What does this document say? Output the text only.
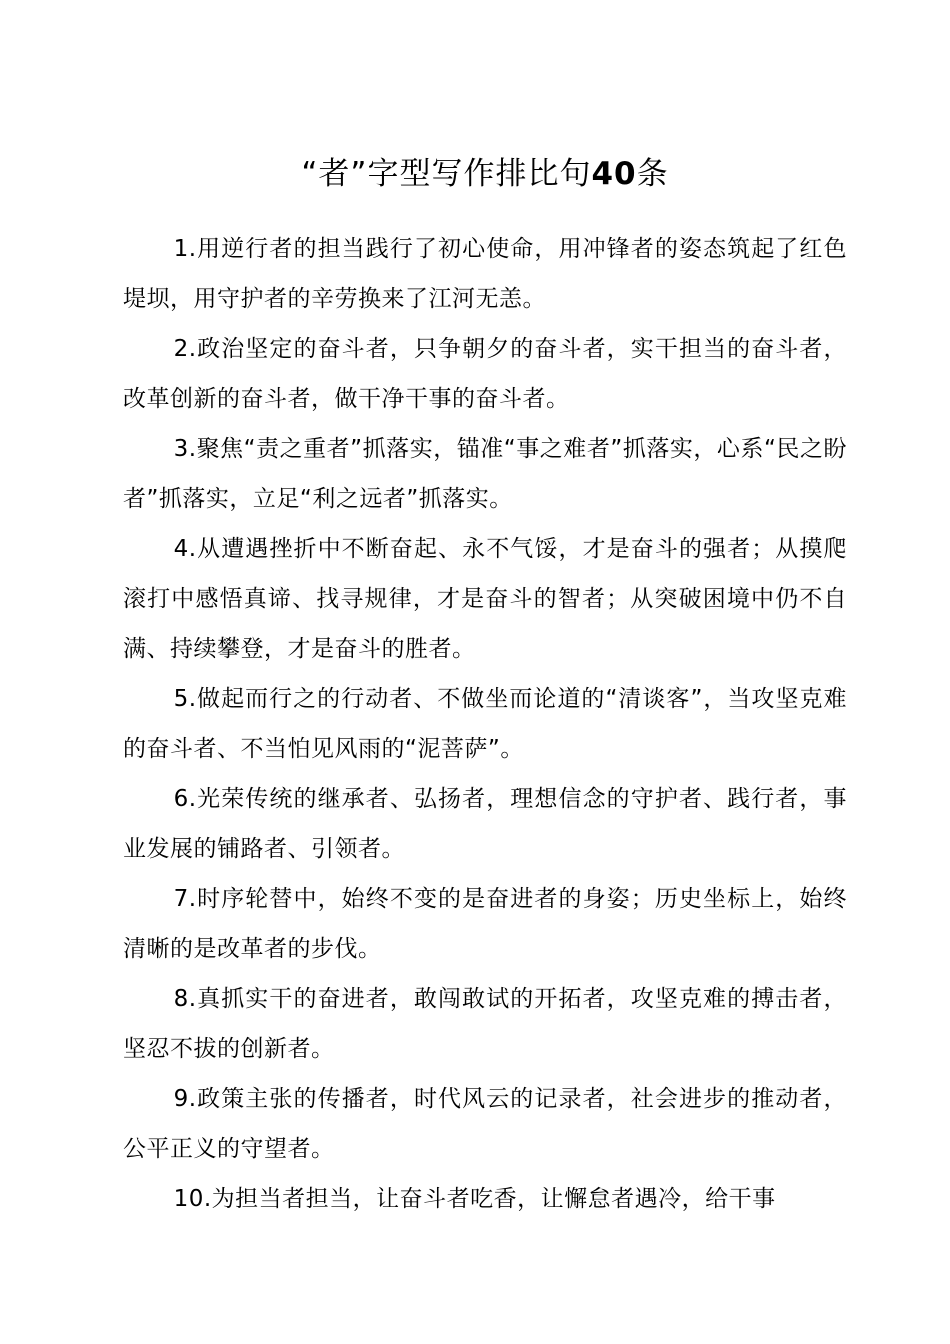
“者”字型写作排比句40条

1.用逆行者的担当践行了初心使命，用冲锋者的姿态筑起了红色堤坝，用守护者的辛劳换来了江河无恙。

2.政治坚定的奋斗者，只争朝夕的奋斗者，实干担当的奋斗者，改革创新的奋斗者，做干净干事的奋斗者。

3.聚焦“责之重者”抓落实，锚准“事之难者”抓落实，心系“民之盼者”抓落实，立足“利之远者”抓落实。

4.从遭遇挫折中不断奋起、永不气馁，才是奋斗的强者；从摸爬滚打中感悟真谛、找寻规律，才是奋斗的智者；从突破困境中仍不自满、持续攀登，才是奋斗的胜者。

5.做起而行之的行动者、不做坐而论道的“清谈客”，当攻坚克难的奋斗者、不当怕见风雨的“泥菩萨”。

6.光荣传统的继承者、弘扬者，理想信念的守护者、践行者，事业发展的铺路者、引领者。

7.时序轮替中，始终不变的是奋进者的身姿；历史坐标上，始终清晰的是改革者的步伐。

8.真抓实干的奋进者，敢闯敢试的开拓者，攻坚克难的搏击者，坚忍不拔的创新者。

9.政策主张的传播者，时代风云的记录者，社会进步的推动者，公平正义的守望者。

10.为担当者担当，让奋斗者吃香，让懈怠者遇冷，给干事
